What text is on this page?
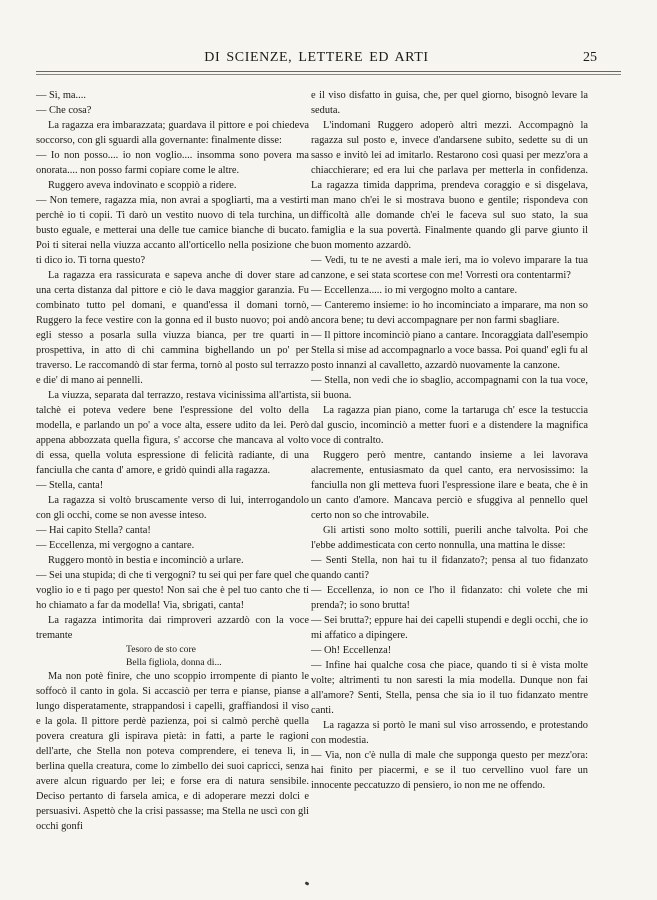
DI SCIENZE, LETTERE ED ARTI	25

— Sì, ma....

— Che cosa?

La ragazza era imbarazzata; guardava il pittore e poi chiedeva soccorso, con gli sguardi alla governante: finalmente disse:

— Io non posso.... io non voglio.... insomma sono povera ma onorata.... non posso farmi copiare come le altre.

Ruggero aveva indovinato e scoppiò a ridere.

— Non temere, ragazza mia, non avrai a spogliarti, ma a vestirti perchè io ti copii. Ti darò un vestito nuovo di tela turchina, un busto eguale, e metterai una delle tue camice bianche di bucato. Poi ti siterai nella viuzza accanto all'orticello nella posizione che ti dico io. Ti torna questo?

La ragazza era rassicurata e sapeva anche di dover stare ad una certa distanza dal pittore e ciò le dava maggior garanzia. Fu combinato tutto pel domani, e quand'essa il domani tornò, Ruggero la fece vestire con la gonna ed il busto nuovo; poi andò egli stesso a posarla sulla viuzza bianca, per tre quarti in prospettiva, in atto di chi cammina bighellando un po' per traverso. Le raccomandò di star ferma, tornò al posto sul terrazzo e die' di mano ai pennelli.

La viuzza, separata dal terrazzo, restava vicinissima all'artista, talchè ei poteva vedere bene l'espressione del volto della modella, e parlando un po' a voce alta, essere udito da lei. Però appena abbozzata quella figura, s' accorse che mancava al volto di essa, quella voluta espressione di felicità radiante, di una fanciulla che canta d' amore, e gridò quindi alla ragazza.

— Stella, canta!

La ragazza si voltò bruscamente verso di lui, interrogandolo con gli occhi, come se non avesse inteso.

— Hai capito Stella? canta!

— Eccellenza, mi vergogno a cantare.

Ruggero montò in bestia e incominciò a urlare.

— Sei una stupida; di che ti vergogni? tu sei qui per fare quel che voglio io e ti pago per questo! Non sai che è pel tuo canto che ti ho chiamato a far da modella! Via, sbrigati, canta!

La ragazza intimorita dai rimproveri azzardò con la voce tremante

Tesoro de sto core

Bella figliola, donna di...

Ma non potè finire, che uno scoppio irrompente di pianto le soffocò il canto in gola. Si accasciò per terra e pianse, pianse a lungo disperatamente, strappandosi i capelli, graffiandosi il viso e la gola. Il pittore perdè pazienza, poi si calmò perchè quella povera creatura gli ispirava pietà: in fatti, a parte le ragioni dell'arte, che Stella non poteva comprendere, ei teneva lì, in berlina quella creatura, come lo zimbello dei suoi capricci, senza avere alcun riguardo per lei; e forse era di natura sensibile. Deciso pertanto di farsela amica, e di adoperare mezzi dolci e persuasivi. Aspettò che la crisi passasse; ma Stella ne uscì con gli occhi gonfi

e il viso disfatto in guisa, che, per quel giorno, bisognò levare la seduta.

L'indomani Ruggero adoperò altri mezzi. Accompagnò la ragazza sul posto e, invece d'andarsene subito, sedette su di un sasso e invitò lei ad imitarlo. Restarono così quasi per mezz'ora a chiacchierare; ed era lui che parlava per metterla in confidenza. La ragazza timida dapprima, prendeva coraggio e si disgelava, man mano ch'ei le si mostrava buono e gentile; rispondeva con difficoltà alle domande ch'ei le faceva sul suo stato, la sua famiglia e la sua povertà. Finalmente quando gli parve giunto il buon momento azzardò.

— Vedi, tu te ne avesti a male ieri, ma io volevo imparare la tua canzone, e sei stata scortese con me! Vorresti ora contentarmi?

— Eccellenza..... io mi vergogno molto a cantare.

— Canteremo insieme: io ho incominciato a imparare, ma non so ancora bene; tu devi accompagnare per non farmi sbagliare.

— Il pittore incominciò piano a cantare. Incoraggiata dall'esempio Stella si mise ad accompagnarlo a voce bassa. Poi quand' egli fu al posto innanzi al cavalletto, azzardò nuovamente la canzone.

— Stella, non vedi che io sbaglio, accompagnami con la tua voce, sii buona.

La ragazza pian piano, come la tartaruga ch' esce la testuccia dal guscio, incominciò a metter fuori e a distendere la magnifica voce di contralto.

Ruggero però mentre, cantando insieme a lei lavorava alacremente, entusiasmato da quel canto, era nervosissimo: la fanciulla non gli metteva fuori l'espressione ilare e beata, che è in un canto d'amore. Mancava perciò e sfuggiva al pennello quel certo non so che introvabile.

Gli artisti sono molto sottili, puerili anche talvolta. Poi che l'ebbe addimesticata con certo nonnulla, una mattina le disse:

— Senti Stella, non hai tu il fidanzato?; pensa al tuo fidanzato quando canti?

— Eccellenza, io non ce l'ho il fidanzato: chi volete che mi prenda?; io sono brutta!

— Sei brutta?; eppure hai dei capelli stupendi e degli occhi, che io mi affatico a dipingere.

— Oh! Eccellenza!

— Infine hai qualche cosa che piace, quando ti si è vista molte volte; altrimenti tu non saresti la mia modella. Dunque non fai all'amore? Senti, Stella, pensa che sia io il tuo fidanzato mentre canti.

La ragazza si portò le mani sul viso arrossendo, e protestando con modestia.

— Via, non c'è nulla di male che supponga questo per mezz'ora: hai finito per piacermi, e se il tuo cervellino vuol fare un innocente peccatuzzo di pensiero, io non me ne offendo.
